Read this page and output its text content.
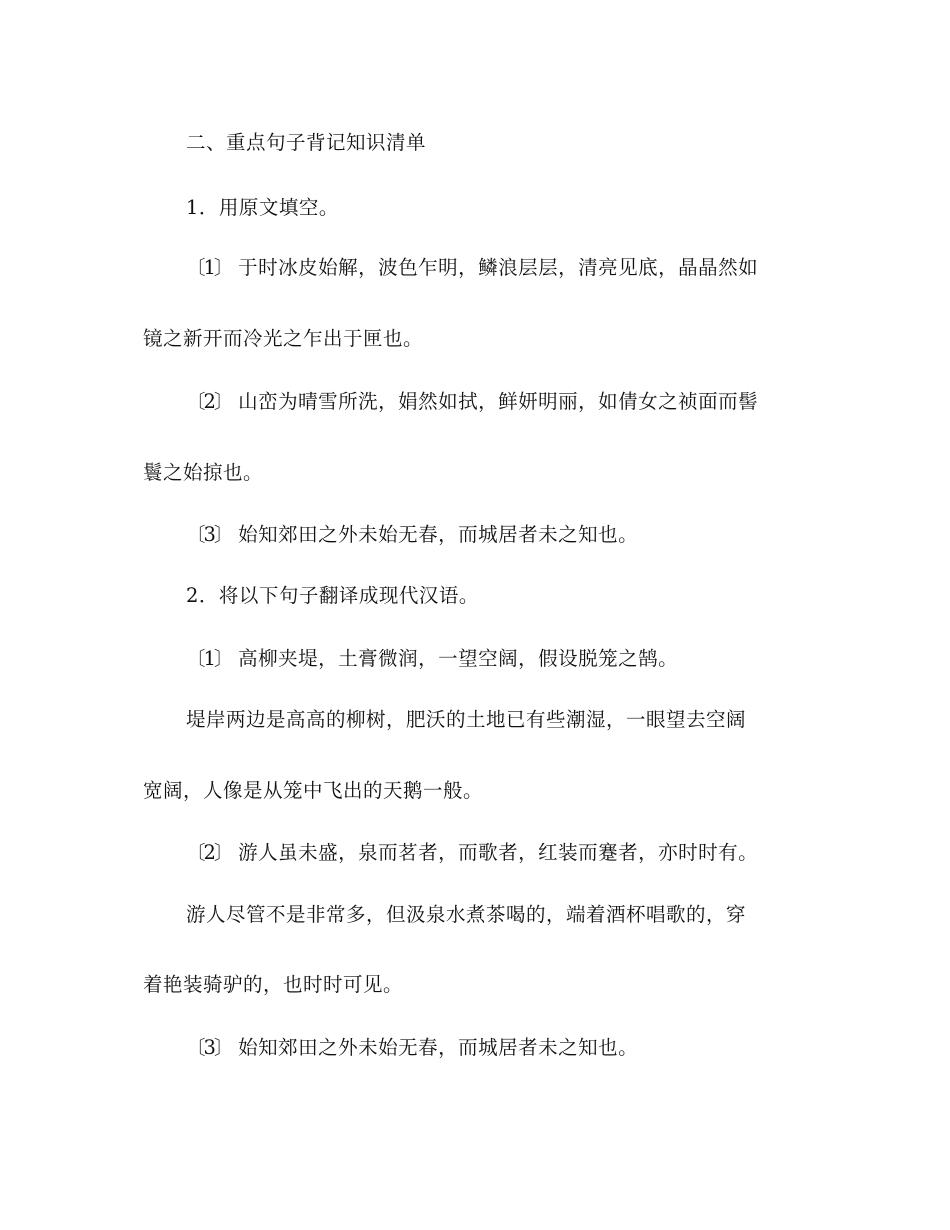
二、重点句子背记知识清单
1．用原文填空。
〔1〕 于时冰皮始解，波色乍明，鳞浪层层，清亮见底，晶晶然如
镜之新开而冷光之乍出于匣也。
〔2〕 山峦为晴雪所洗，娟然如拭，鲜妍明丽，如倩女之祯面而髻
鬟之始掠也。
〔3〕 始知郊田之外未始无春，而城居者未之知也。
2．将以下句子翻译成现代汉语。
〔1〕 高柳夹堤，土膏微润，一望空阔，假设脱笼之鹄。
堤岸两边是高高的柳树，肥沃的土地已有些潮湿，一眼望去空阔
宽阔，人像是从笼中飞出的天鹅一般。
〔2〕 游人虽未盛，泉而茗者，而歌者，红装而蹇者，亦时时有。
游人尽管不是非常多，但汲泉水煮茶喝的，端着酒杯唱歌的，穿
着艳装骑驴的，也时时可见。
〔3〕 始知郊田之外未始无春，而城居者未之知也。
